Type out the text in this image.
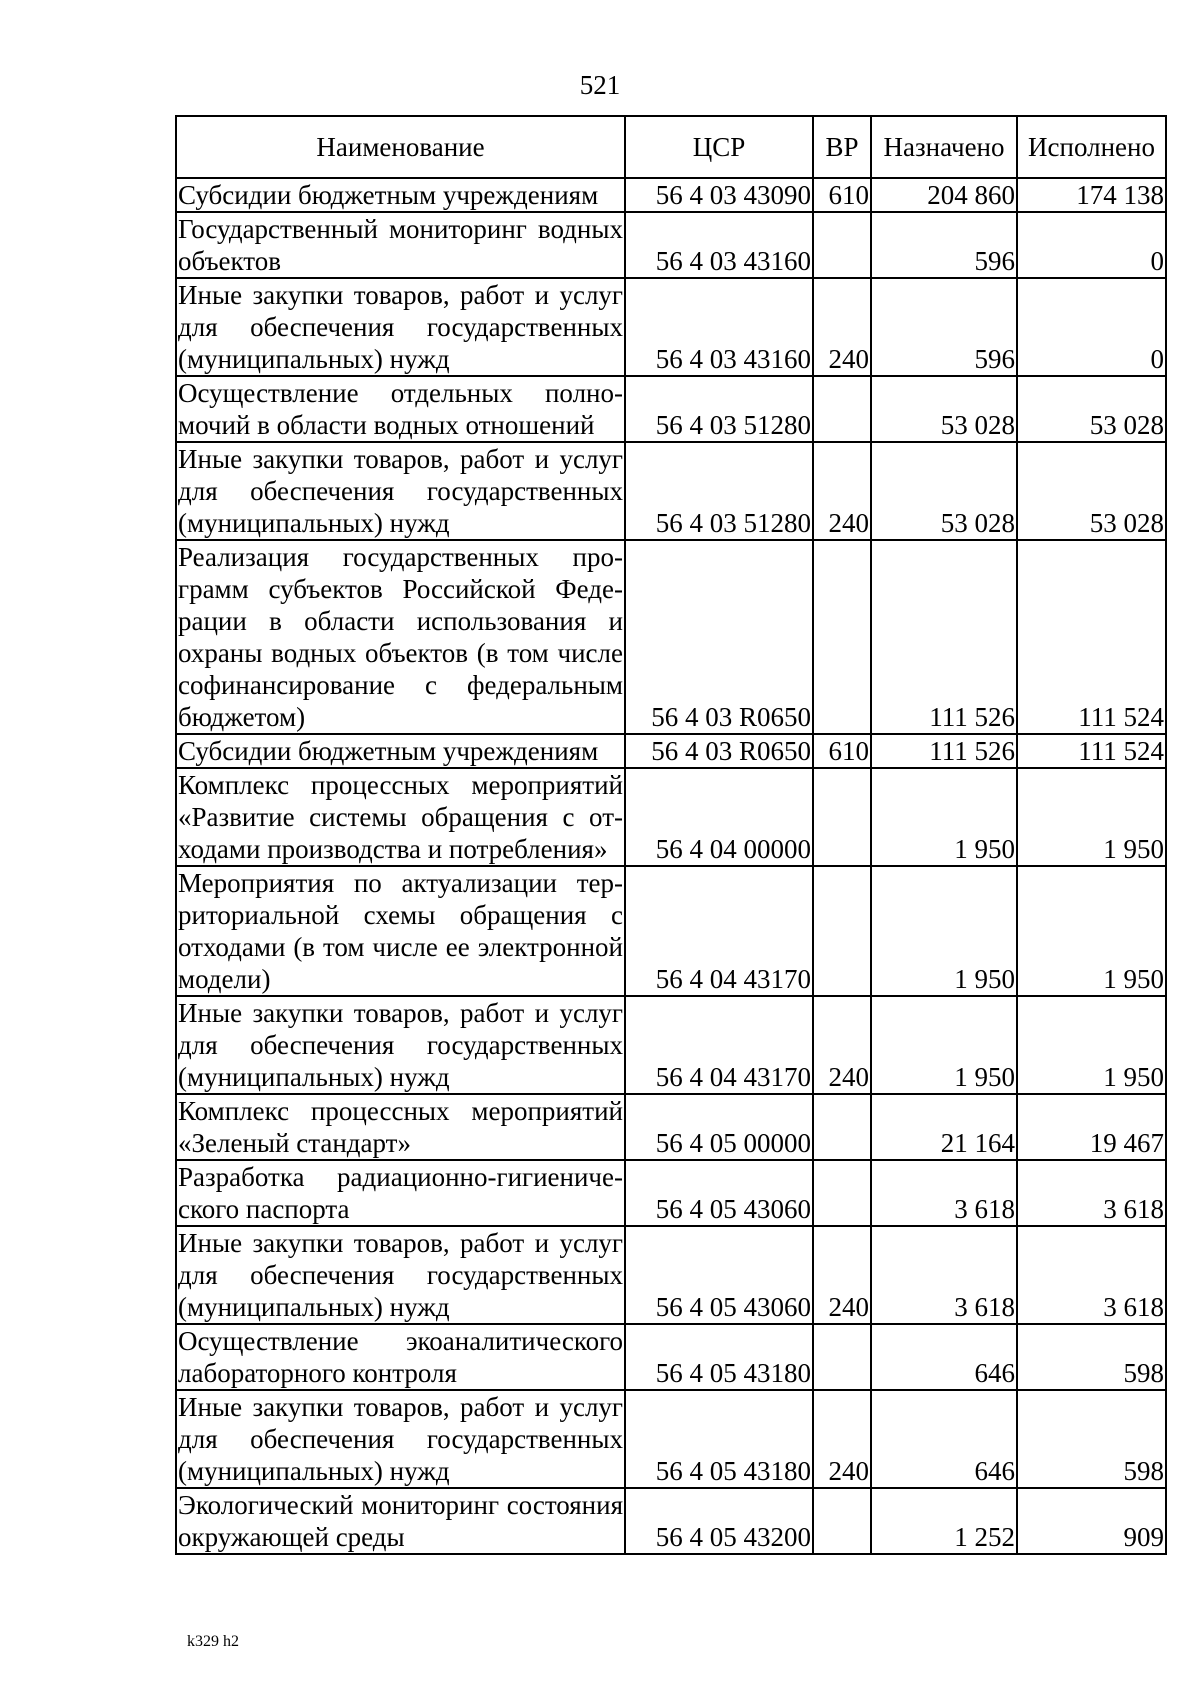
521
Наименование	ЦСР	ВР	Назначено	Исполнено
Субсидии бюджетным учреждениям	56 4 03 43090	610	204 860	174 138
Государственный мониторинг водных объектов	56 4 03 43160		596	0
Иные закупки товаров, работ и услуг для обеспечения государственных (муниципальных) нужд	56 4 03 43160	240	596	0
Осуществление отдельных полномочий в области водных отношений	56 4 03 51280		53 028	53 028
Иные закупки товаров, работ и услуг для обеспечения государственных (муниципальных) нужд	56 4 03 51280	240	53 028	53 028
Реализация государственных программ субъектов Российской Федерации в области использования и охраны водных объектов (в том числе софинансирование с федеральным бюджетом)	56 4 03 R0650		111 526	111 524
Субсидии бюджетным учреждениям	56 4 03 R0650	610	111 526	111 524
Комплекс процессных мероприятий «Развитие системы обращения с отходами производства и потребления»	56 4 04 00000		1 950	1 950
Мероприятия по актуализации территориальной схемы обращения с отходами (в том числе ее электронной модели)	56 4 04 43170		1 950	1 950
Иные закупки товаров, работ и услуг для обеспечения государственных (муниципальных) нужд	56 4 04 43170	240	1 950	1 950
Комплекс процессных мероприятий «Зеленый стандарт»	56 4 05 00000		21 164	19 467
Разработка радиационно-гигиенического паспорта	56 4 05 43060		3 618	3 618
Иные закупки товаров, работ и услуг для обеспечения государственных (муниципальных) нужд	56 4 05 43060	240	3 618	3 618
Осуществление экоаналитического лабораторного контроля	56 4 05 43180		646	598
Иные закупки товаров, работ и услуг для обеспечения государственных (муниципальных) нужд	56 4 05 43180	240	646	598
Экологический мониторинг состояния окружающей среды	56 4 05 43200		1 252	909
k329 h2
